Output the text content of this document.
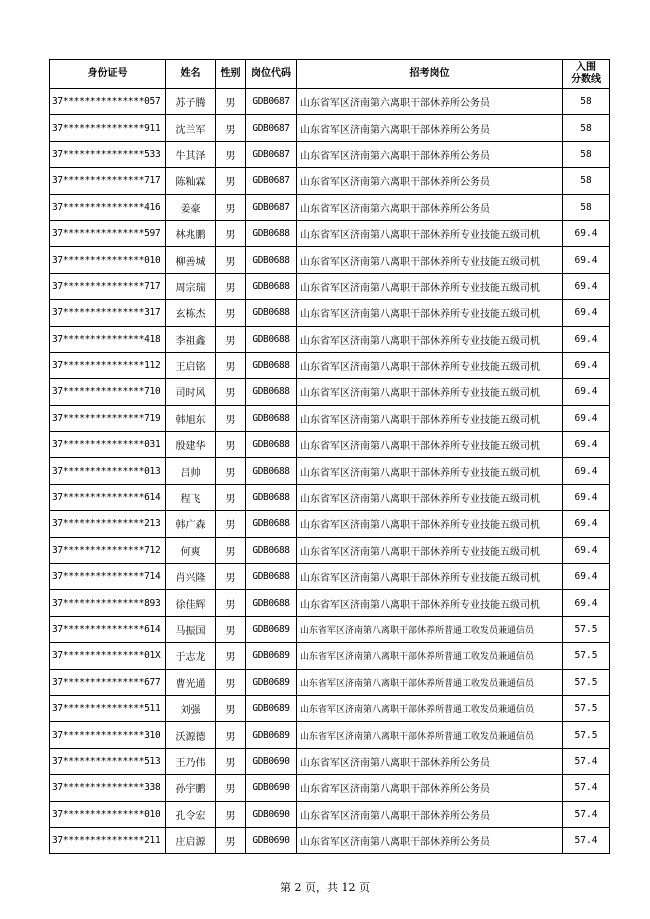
身份证号	姓名	性别	岗位代码	招考岗位	入围
分数线
37***************057	苏子腾	男	GDB0687	山东省军区济南第六离职干部休养所公务员	58
37***************911	沈兰军	男	GDB0687	山东省军区济南第六离职干部休养所公务员	58
37***************533	牛其泽	男	GDB0687	山东省军区济南第六离职干部休养所公务员	58
37***************717	陈籼霖	男	GDB0687	山东省军区济南第六离职干部休养所公务员	58
37***************416	姜豪	男	GDB0687	山东省军区济南第六离职干部休养所公务员	58
37***************597	林兆鹏	男	GDB0688	山东省军区济南第八离职干部休养所专业技能五级司机	69.4
37***************010	柳善城	男	GDB0688	山东省军区济南第八离职干部休养所专业技能五级司机	69.4
37***************717	周宗瑞	男	GDB0688	山东省军区济南第八离职干部休养所专业技能五级司机	69.4
37***************317	玄栋杰	男	GDB0688	山东省军区济南第八离职干部休养所专业技能五级司机	69.4
37***************418	李祖鑫	男	GDB0688	山东省军区济南第八离职干部休养所专业技能五级司机	69.4
37***************112	王启铭	男	GDB0688	山东省军区济南第八离职干部休养所专业技能五级司机	69.4
37***************710	司时风	男	GDB0688	山东省军区济南第八离职干部休养所专业技能五级司机	69.4
37***************719	韩旭东	男	GDB0688	山东省军区济南第八离职干部休养所专业技能五级司机	69.4
37***************031	殷建华	男	GDB0688	山东省军区济南第八离职干部休养所专业技能五级司机	69.4
37***************013	吕帅	男	GDB0688	山东省军区济南第八离职干部休养所专业技能五级司机	69.4
37***************614	程飞	男	GDB0688	山东省军区济南第八离职干部休养所专业技能五级司机	69.4
37***************213	韩广森	男	GDB0688	山东省军区济南第八离职干部休养所专业技能五级司机	69.4
37***************712	何爽	男	GDB0688	山东省军区济南第八离职干部休养所专业技能五级司机	69.4
37***************714	肖兴隆	男	GDB0688	山东省军区济南第八离职干部休养所专业技能五级司机	69.4
37***************893	徐佳辉	男	GDB0688	山东省军区济南第八离职干部休养所专业技能五级司机	69.4
37***************614	马振国	男	GDB0689	山东省军区济南第八离职干部休养所普通工收发员兼通信员	57.5
37***************01X	于志龙	男	GDB0689	山东省军区济南第八离职干部休养所普通工收发员兼通信员	57.5
37***************677	曹光通	男	GDB0689	山东省军区济南第八离职干部休养所普通工收发员兼通信员	57.5
37***************511	刘强	男	GDB0689	山东省军区济南第八离职干部休养所普通工收发员兼通信员	57.5
37***************310	沃源德	男	GDB0689	山东省军区济南第八离职干部休养所普通工收发员兼通信员	57.5
37***************513	王乃伟	男	GDB0690	山东省军区济南第八离职干部休养所公务员	57.4
37***************338	孙宇鹏	男	GDB0690	山东省军区济南第八离职干部休养所公务员	57.4
37***************010	孔令宏	男	GDB0690	山东省军区济南第八离职干部休养所公务员	57.4
37***************211	庄启源	男	GDB0690	山东省军区济南第八离职干部休养所公务员	57.4
第 2 页，共 12 页
